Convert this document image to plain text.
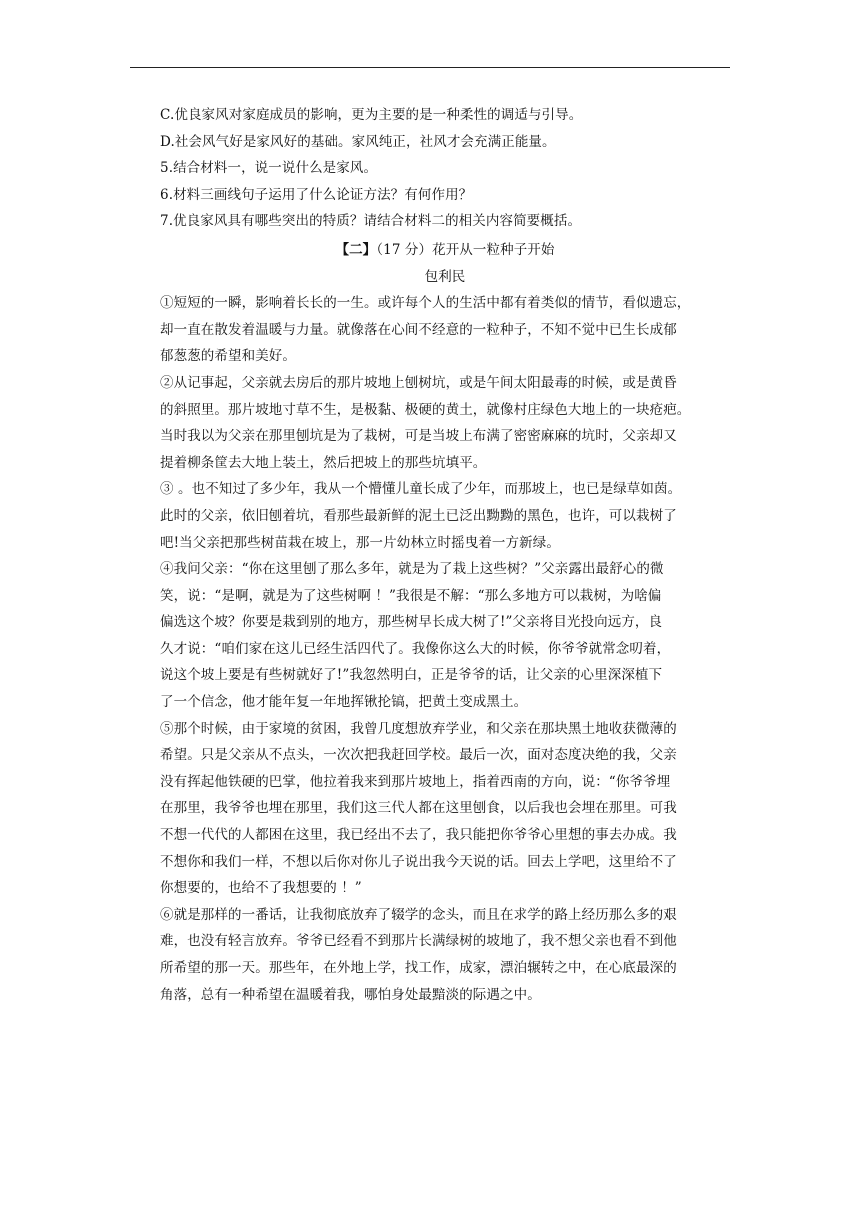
C.优良家风对家庭成员的影响，更为主要的是一种柔性的调适与引导。

D.社会风气好是家风好的基础。家风纯正，社风才会充满正能量。

5.结合材料一，说一说什么是家风。

6.材料三画线句子运用了什么论证方法？有何作用？

7.优良家风具有哪些突出的特质？请结合材料二的相关内容简要概括。

【二】（17 分）花开从一粒种子开始

包利民

①短短的一瞬，影响着长长的一生。或许每个人的生活中都有着类似的情节，看似遗忘，

却一直在散发着温暖与力量。就像落在心间不经意的一粒种子，不知不觉中已生长成郁

郁葱葱的希望和美好。

②从记事起，父亲就去房后的那片坡地上刨树坑，或是午间太阳最毒的时候，或是黄昏

的斜照里。那片坡地寸草不生，是极黏、极硬的黄土，就像村庄绿色大地上的一块疮疤。

当时我以为父亲在那里刨坑是为了栽树，可是当坡上布满了密密麻麻的坑时，父亲却又

提着柳条筐去大地上装土，然后把坡上的那些坑填平。

③ 。也不知过了多少年，我从一个懵懂儿童长成了少年，而那坡上，也已是绿草如茵。

此时的父亲，依旧刨着坑，看那些最新鲜的泥土已泛出黝黝的黑色，也许，可以栽树了

吧!当父亲把那些树苗栽在坡上，那一片幼林立时摇曳着一方新绿。

④我问父亲：“你在这里刨了那么多年，就是为了栽上这些树？”父亲露出最舒心的微

笑，说：“是啊，就是为了这些树啊 ！”我很是不解：“那么多地方可以栽树，为啥偏

偏选这个坡？你要是栽到别的地方，那些树早长成大树了!”父亲将目光投向远方，良

久才说：“咱们家在这儿已经生活四代了。我像你这么大的时候，你爷爷就常念叨着，

说这个坡上要是有些树就好了!”我忽然明白，正是爷爷的话，让父亲的心里深深植下

了一个信念，他才能年复一年地挥锹抡镐，把黄土变成黑土。

⑤那个时候，由于家境的贫困，我曾几度想放弃学业，和父亲在那块黑土地收获微薄的

希望。只是父亲从不点头，一次次把我赶回学校。最后一次，面对态度决绝的我，父亲

没有挥起他铁硬的巴掌，他拉着我来到那片坡地上，指着西南的方向，说：“你爷爷埋

在那里，我爷爷也埋在那里，我们这三代人都在这里刨食，以后我也会埋在那里。可我

不想一代代的人都困在这里，我已经出不去了，我只能把你爷爷心里想的事去办成。我

不想你和我们一样，不想以后你对你儿子说出我今天说的话。回去上学吧，这里给不了

你想要的，也给不了我想要的 ！”

⑥就是那样的一番话，让我彻底放弃了辍学的念头，而且在求学的路上经历那么多的艰

难，也没有轻言放弃。爷爷已经看不到那片长满绿树的坡地了，我不想父亲也看不到他

所希望的那一天。那些年，在外地上学，找工作，成家，漂泊辗转之中，在心底最深的

角落，总有一种希望在温暖着我，哪怕身处最黯淡的际遇之中。
